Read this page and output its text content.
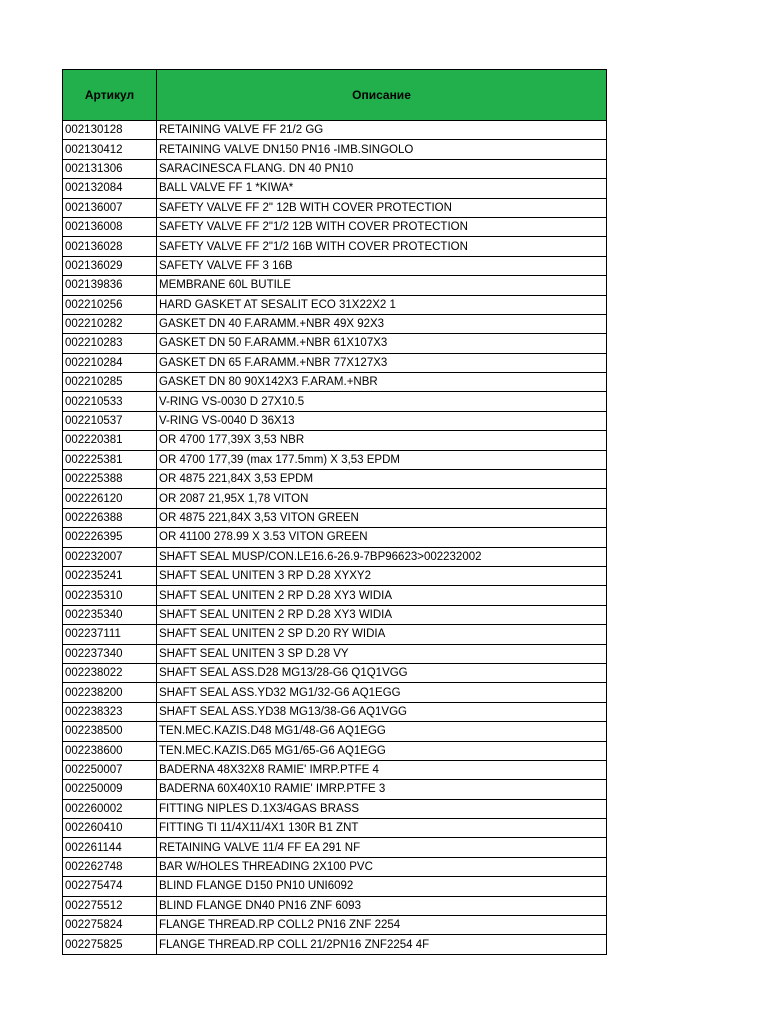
Артикул	Описание
002130128	RETAINING VALVE FF 21/2 GG
002130412	RETAINING VALVE DN150 PN16 -IMB.SINGOLO
002131306	SARACINESCA FLANG. DN 40 PN10
002132084	BALL VALVE FF 1 *KIWA*
002136007	SAFETY VALVE FF 2" 12B WITH COVER PROTECTION
002136008	SAFETY VALVE FF 2"1/2 12B WITH COVER PROTECTION
002136028	SAFETY VALVE FF 2"1/2 16B WITH COVER PROTECTION
002136029	SAFETY VALVE FF 3 16B
002139836	MEMBRANE 60L BUTILE
002210256	HARD GASKET AT SESALIT ECO 31X22X2 1
002210282	GASKET DN 40 F.ARAMM.+NBR 49X 92X3
002210283	GASKET DN 50 F.ARAMM.+NBR 61X107X3
002210284	GASKET DN 65 F.ARAMM.+NBR 77X127X3
002210285	GASKET DN 80 90X142X3 F.ARAM.+NBR
002210533	V-RING VS-0030 D 27X10.5
002210537	V-RING VS-0040 D 36X13
002220381	OR 4700 177,39X 3,53 NBR
002225381	OR 4700 177,39 (max 177.5mm) X 3,53 EPDM
002225388	OR 4875 221,84X 3,53 EPDM
002226120	OR 2087 21,95X 1,78 VITON
002226388	OR 4875 221,84X 3,53 VITON GREEN
002226395	OR 41100 278.99 X 3.53 VITON GREEN
002232007	SHAFT SEAL MUSP/CON.LE16.6-26.9-7BP96623>002232002
002235241	SHAFT SEAL UNITEN 3 RP D.28 XYXY2
002235310	SHAFT SEAL UNITEN 2 RP D.28 XY3 WIDIA
002235340	SHAFT SEAL UNITEN 2 RP D.28 XY3 WIDIA
002237111	SHAFT SEAL UNITEN 2 SP D.20 RY WIDIA
002237340	SHAFT SEAL UNITEN 3 SP D.28 VY
002238022	SHAFT SEAL ASS.D28 MG13/28-G6 Q1Q1VGG
002238200	SHAFT SEAL ASS.YD32 MG1/32-G6 AQ1EGG
002238323	SHAFT SEAL ASS.YD38 MG13/38-G6 AQ1VGG
002238500	TEN.MEC.KAZIS.D48 MG1/48-G6 AQ1EGG
002238600	TEN.MEC.KAZIS.D65 MG1/65-G6 AQ1EGG
002250007	BADERNA 48X32X8 RAMIE' IMRP.PTFE 4
002250009	BADERNA 60X40X10 RAMIE' IMRP.PTFE 3
002260002	FITTING NIPLES D.1X3/4GAS BRASS
002260410	FITTING TI 11/4X11/4X1 130R B1 ZNT
002261144	RETAINING VALVE 11/4 FF EA 291 NF
002262748	BAR W/HOLES THREADING 2X100 PVC
002275474	BLIND FLANGE D150 PN10 UNI6092
002275512	BLIND FLANGE DN40 PN16 ZNF 6093
002275824	FLANGE THREAD.RP COLL2 PN16 ZNF 2254
002275825	FLANGE THREAD.RP COLL 21/2PN16 ZNF2254 4F
